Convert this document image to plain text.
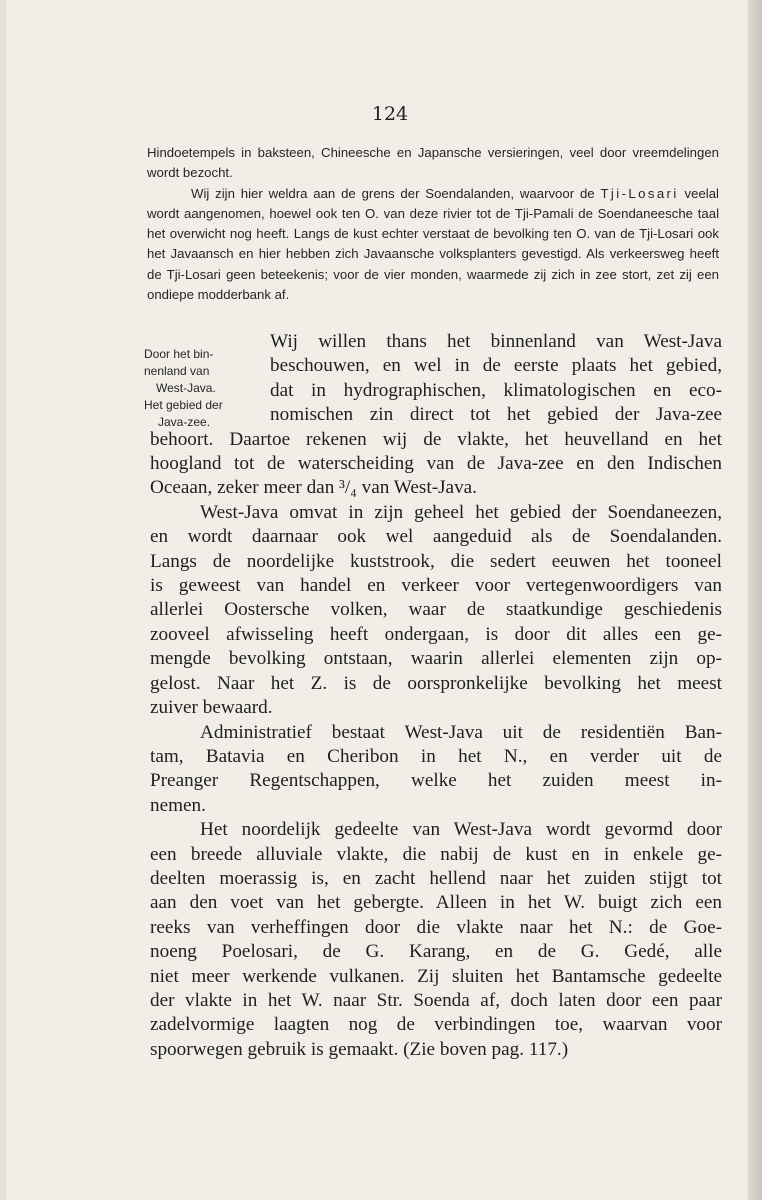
124

Hindoetempels in baksteen, Chineesche en Japansche versieringen, veel door vreemdelingen wordt bezocht.

Wij zijn hier weldra aan de grens der Soendalanden, waarvoor de Tji-Losari veelal wordt aangenomen, hoewel ook ten O. van deze rivier tot de Tji-Pamali de Soendaneesche taal het overwicht nog heeft. Langs de kust echter verstaat de bevolking ten O. van de Tji-Losari ook het Javaansch en hier hebben zich Javaansche volksplanters gevestigd. Als verkeersweg heeft de Tji-Losari geen beteekenis; voor de vier monden, waarmede zij zich in zee stort, zet zij een ondiepe modderbank af.

Door het bin-
nenland van
West-Java.
Het gebied der
Java-zee.
Wij willen thans het binnenland van West-Java
beschouwen, en wel in de eerste plaats het gebied,
dat in hydrographischen, klimatologischen en eco-
nomischen zin direct tot het gebied der Java-zee
behoort. Daartoe rekenen wij de vlakte, het heuvelland en het
hoogland tot de waterscheiding van de Java-zee en den Indischen
Oceaan, zeker meer dan ³/₄ van West-Java.
West-Java omvat in zijn geheel het gebied der Soendaneezen,
en wordt daarnaar ook wel aangeduid als de Soendalanden.
Langs de noordelijke kuststrook, die sedert eeuwen het tooneel
is geweest van handel en verkeer voor vertegenwoordigers van
allerlei Oostersche volken, waar de staatkundige geschiedenis
zooveel afwisseling heeft ondergaan, is door dit alles een ge-
mengde bevolking ontstaan, waarin allerlei elementen zijn op-
gelost. Naar het Z. is de oorspronkelijke bevolking het meest
zuiver bewaard.
Administratief bestaat West-Java uit de residentiën Ban-
tam, Batavia en Cheribon in het N., en verder uit de
Preanger Regentschappen, welke het zuiden meest in-
nemen.
Het noordelijk gedeelte van West-Java wordt gevormd door
een breede alluviale vlakte, die nabij de kust en in enkele ge-
deelten moerassig is, en zacht hellend naar het zuiden stijgt tot
aan den voet van het gebergte. Alleen in het W. buigt zich een
reeks van verheffingen door die vlakte naar het N.: de Goe-
noeng Poelosari, de G. Karang, en de G. Gedé, alle
niet meer werkende vulkanen. Zij sluiten het Bantamsche gedeelte
der vlakte in het W. naar Str. Soenda af, doch laten door een paar
zadelvormige laagten nog de verbindingen toe, waarvan voor
spoorwegen gebruik is gemaakt. (Zie boven pag. 117.)
